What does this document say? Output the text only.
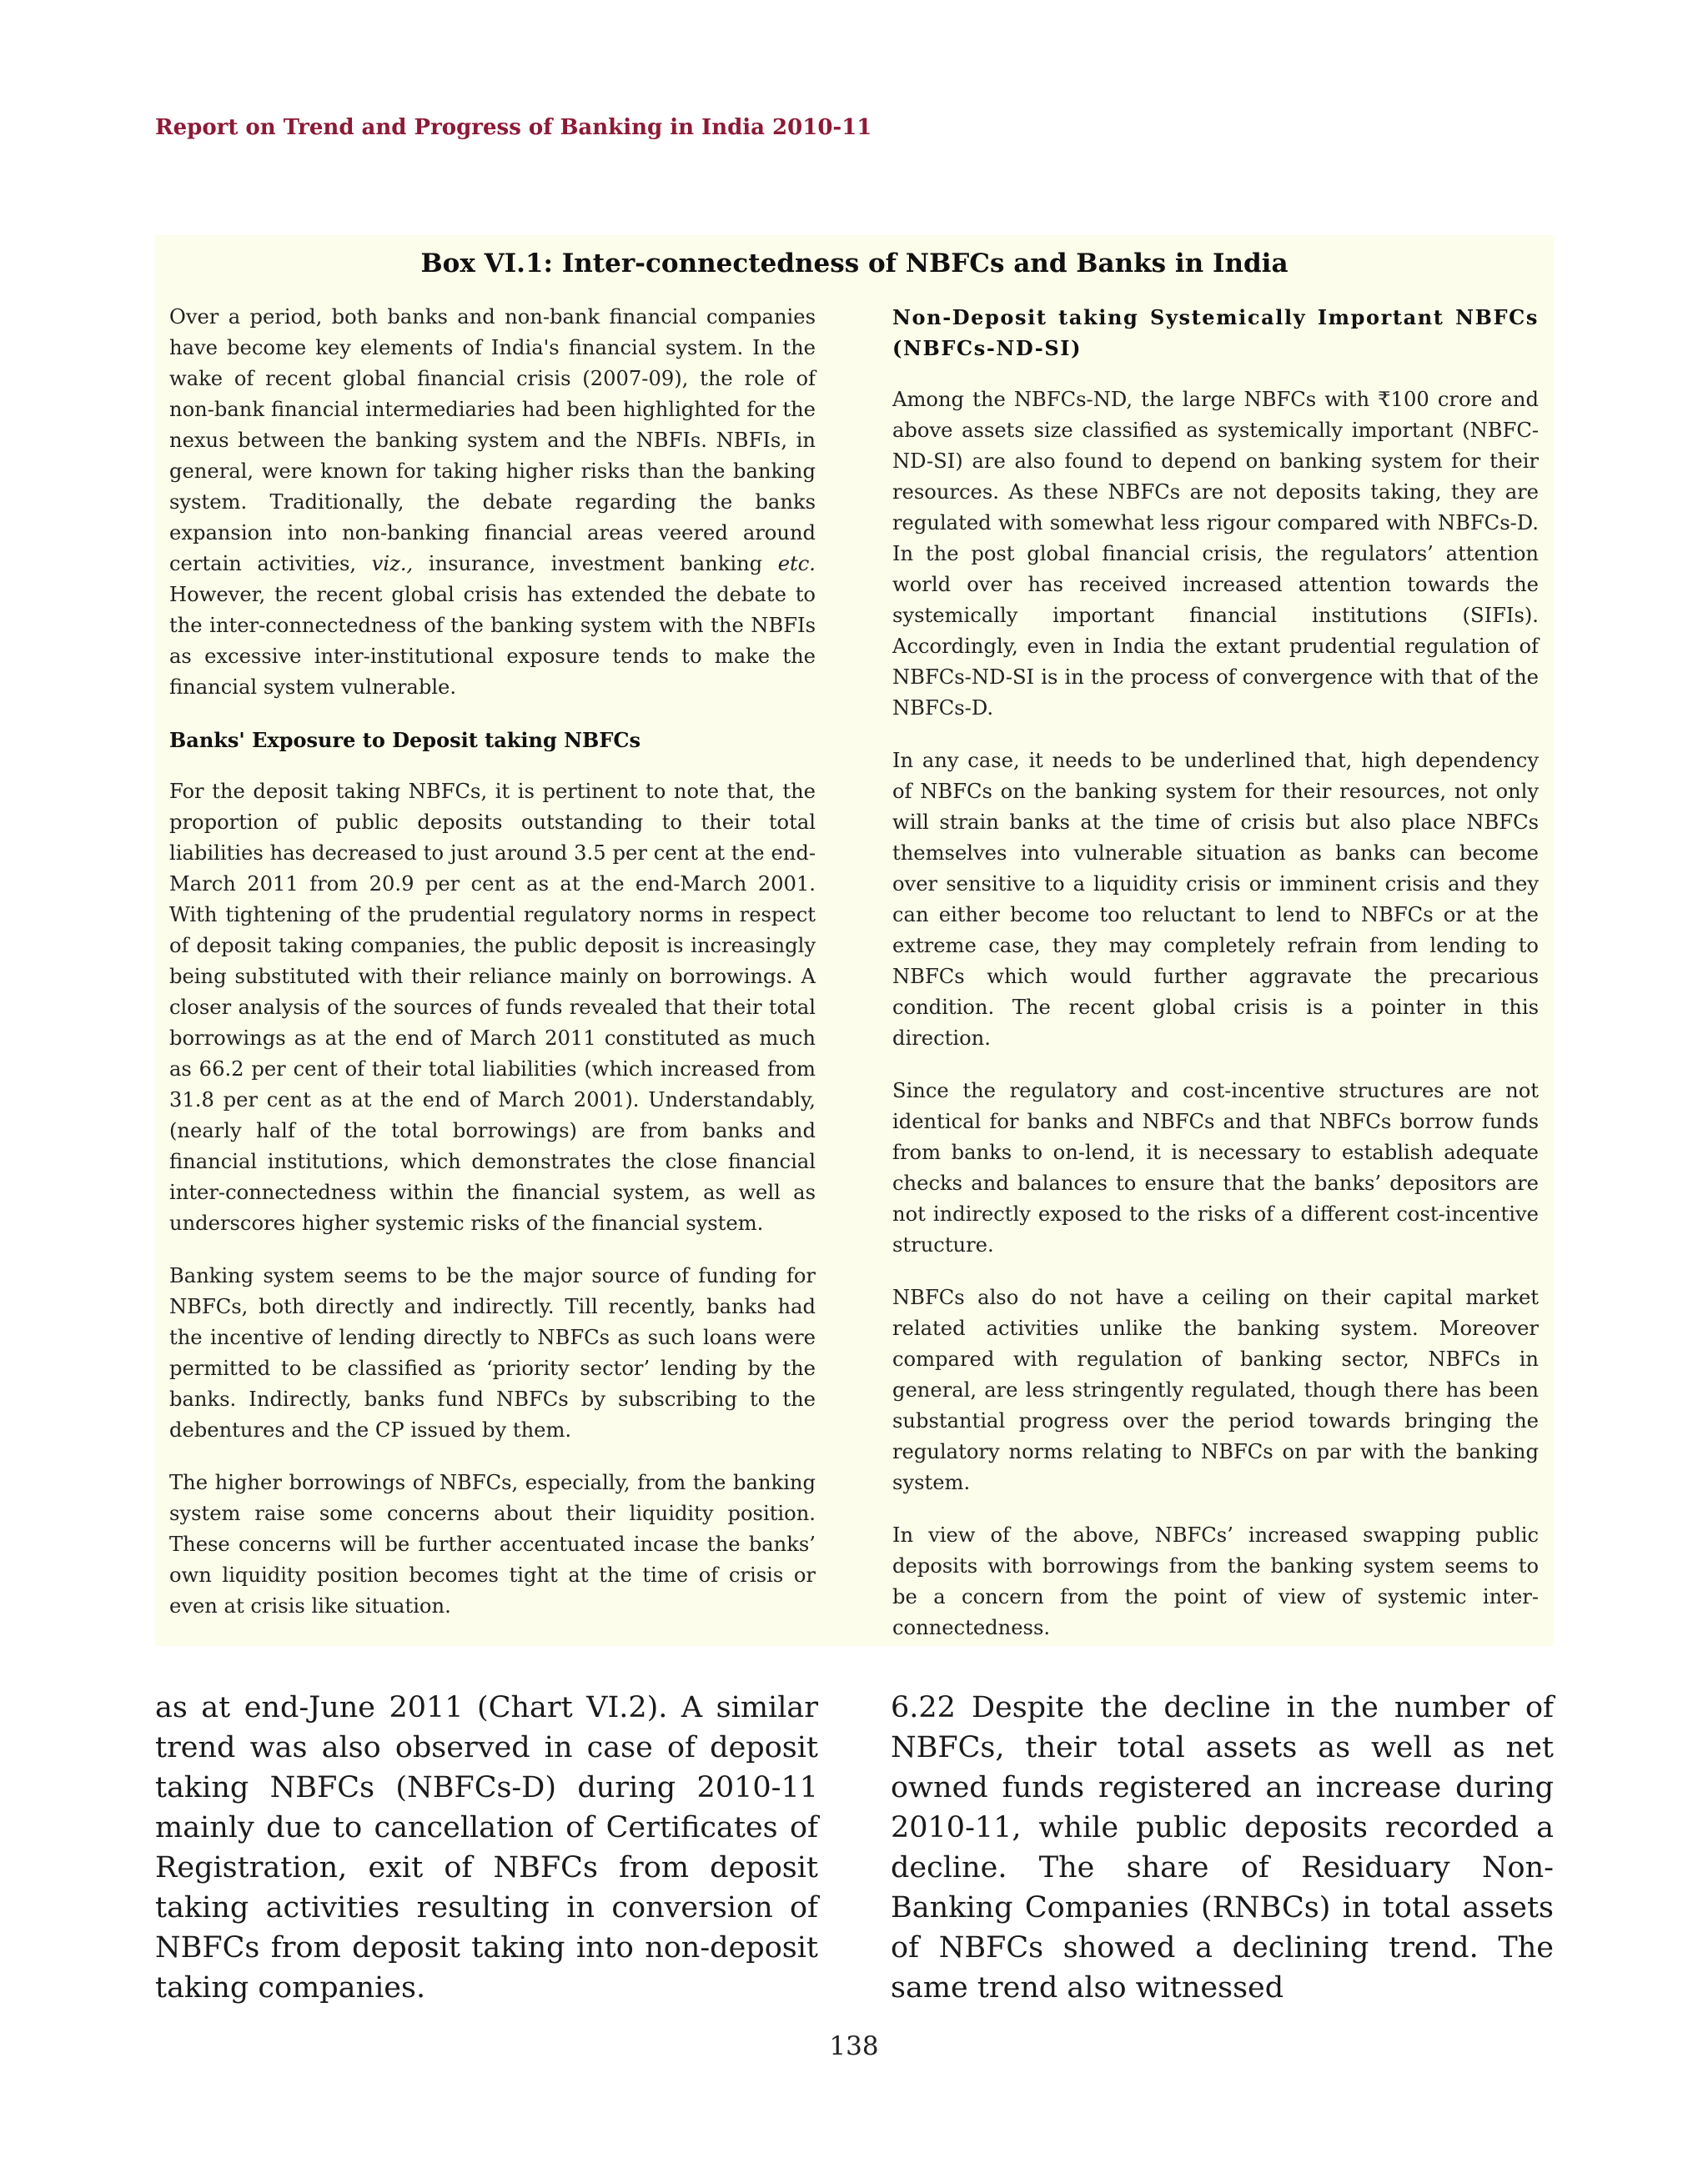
Report on Trend and Progress of Banking in India 2010-11
Box VI.1: Inter-connectedness of NBFCs and Banks in India

Over a period, both banks and non-bank financial companies have become key elements of India's financial system. In the wake of recent global financial crisis (2007-09), the role of non-bank financial intermediaries had been highlighted for the nexus between the banking system and the NBFIs. NBFIs, in general, were known for taking higher risks than the banking system. Traditionally, the debate regarding the banks expansion into non-banking financial areas veered around certain activities, viz., insurance, investment banking etc. However, the recent global crisis has extended the debate to the inter-connectedness of the banking system with the NBFIs as excessive inter-institutional exposure tends to make the financial system vulnerable.

Banks' Exposure to Deposit taking NBFCs

For the deposit taking NBFCs, it is pertinent to note that, the proportion of public deposits outstanding to their total liabilities has decreased to just around 3.5 per cent at the end-March 2011 from 20.9 per cent as at the end-March 2001. With tightening of the prudential regulatory norms in respect of deposit taking companies, the public deposit is increasingly being substituted with their reliance mainly on borrowings. A closer analysis of the sources of funds revealed that their total borrowings as at the end of March 2011 constituted as much as 66.2 per cent of their total liabilities (which increased from 31.8 per cent as at the end of March 2001). Understandably, (nearly half of the total borrowings) are from banks and financial institutions, which demonstrates the close financial inter-connectedness within the financial system, as well as underscores higher systemic risks of the financial system.

Banking system seems to be the major source of funding for NBFCs, both directly and indirectly. Till recently, banks had the incentive of lending directly to NBFCs as such loans were permitted to be classified as ‘priority sector’ lending by the banks. Indirectly, banks fund NBFCs by subscribing to the debentures and the CP issued by them.

The higher borrowings of NBFCs, especially, from the banking system raise some concerns about their liquidity position. These concerns will be further accentuated incase the banks’ own liquidity position becomes tight at the time of crisis or even at crisis like situation.

Non-Deposit taking Systemically Important NBFCs (NBFCs-ND-SI)

Among the NBFCs-ND, the large NBFCs with ₹100 crore and above assets size classified as systemically important (NBFC-ND-SI) are also found to depend on banking system for their resources. As these NBFCs are not deposits taking, they are regulated with somewhat less rigour compared with NBFCs-D. In the post global financial crisis, the regulators’ attention world over has received increased attention towards the systemically important financial institutions (SIFIs). Accordingly, even in India the extant prudential regulation of NBFCs-ND-SI is in the process of convergence with that of the NBFCs-D.

In any case, it needs to be underlined that, high dependency of NBFCs on the banking system for their resources, not only will strain banks at the time of crisis but also place NBFCs themselves into vulnerable situation as banks can become over sensitive to a liquidity crisis or imminent crisis and they can either become too reluctant to lend to NBFCs or at the extreme case, they may completely refrain from lending to NBFCs which would further aggravate the precarious condition. The recent global crisis is a pointer in this direction.

Since the regulatory and cost-incentive structures are not identical for banks and NBFCs and that NBFCs borrow funds from banks to on-lend, it is necessary to establish adequate checks and balances to ensure that the banks’ depositors are not indirectly exposed to the risks of a different cost-incentive structure.

NBFCs also do not have a ceiling on their capital market related activities unlike the banking system. Moreover compared with regulation of banking sector, NBFCs in general, are less stringently regulated, though there has been substantial progress over the period towards bringing the regulatory norms relating to NBFCs on par with the banking system.

In view of the above, NBFCs’ increased swapping public deposits with borrowings from the banking system seems to be a concern from the point of view of systemic inter-connectedness.

as at end-June 2011 (Chart VI.2). A similar trend was also observed in case of deposit taking NBFCs (NBFCs-D) during 2010-11 mainly due to cancellation of Certificates of Registration, exit of NBFCs from deposit taking activities resulting in conversion of NBFCs from deposit taking into non-deposit taking companies.

6.22 Despite the decline in the number of NBFCs, their total assets as well as net owned funds registered an increase during 2010-11, while public deposits recorded a decline. The share of Residuary Non-Banking Companies (RNBCs) in total assets of NBFCs showed a declining trend. The same trend also witnessed

138
